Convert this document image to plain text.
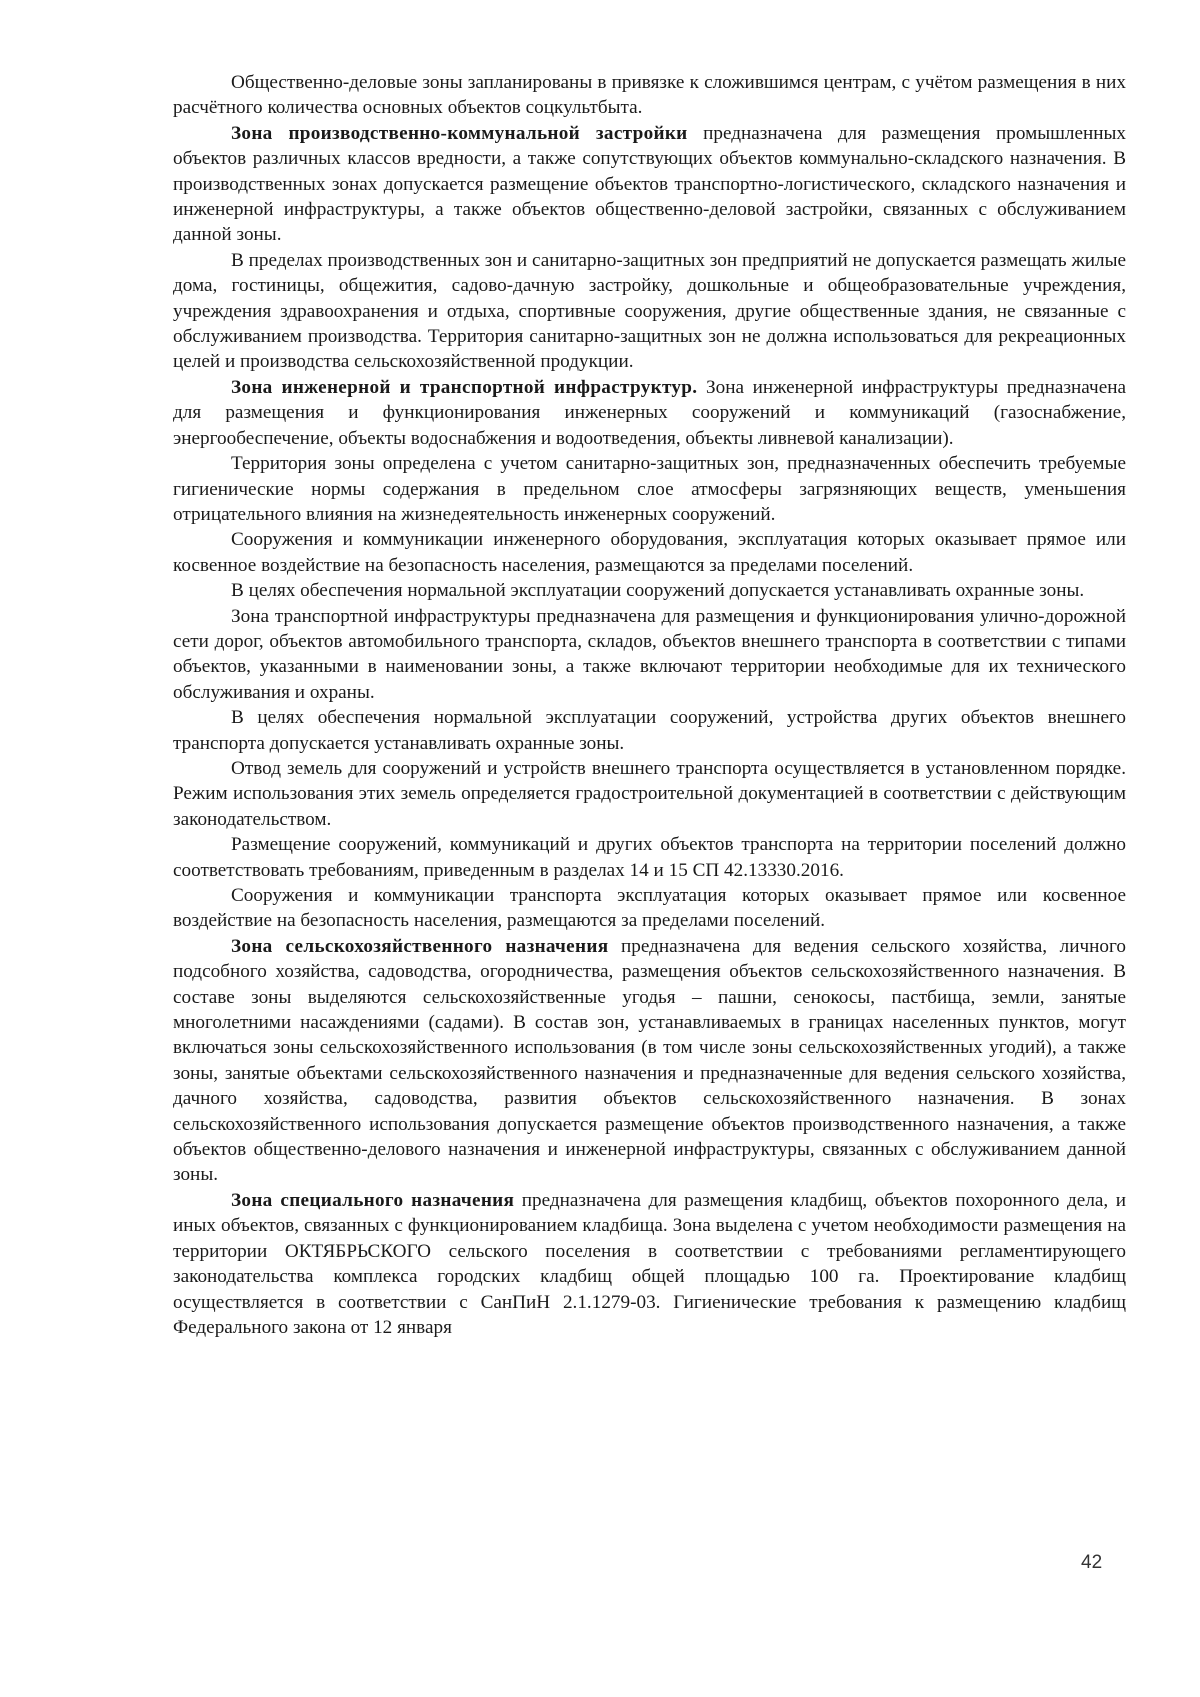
Общественно-деловые зоны запланированы в привязке к сложившимся центрам, с учётом размещения в них расчётного количества основных объектов соцкультбыта.

Зона производственно-коммунальной застройки предназначена для размещения промышленных объектов различных классов вредности, а также сопутствующих объектов коммунально-складского назначения. В производственных зонах допускается размещение объектов транспортно-логистического, складского назначения и инженерной инфраструктуры, а также объектов общественно-деловой застройки, связанных с обслуживанием данной зоны.

В пределах производственных зон и санитарно-защитных зон предприятий не допускается размещать жилые дома, гостиницы, общежития, садово-дачную застройку, дошкольные и общеобразовательные учреждения, учреждения здравоохранения и отдыха, спортивные сооружения, другие общественные здания, не связанные с обслуживанием производства. Территория санитарно-защитных зон не должна использоваться для рекреационных целей и производства сельскохозяйственной продукции.

Зона инженерной и транспортной инфраструктур. Зона инженерной инфраструктуры предназначена для размещения и функционирования инженерных сооружений и коммуникаций (газоснабжение, энергообеспечение, объекты водоснабжения и водоотведения, объекты ливневой канализации).

Территория зоны определена с учетом санитарно-защитных зон, предназначенных обеспечить требуемые гигиенические нормы содержания в предельном слое атмосферы загрязняющих веществ, уменьшения отрицательного влияния на жизнедеятельность инженерных сооружений.

Сооружения и коммуникации инженерного оборудования, эксплуатация которых оказывает прямое или косвенное воздействие на безопасность населения, размещаются за пределами поселений.

В целях обеспечения нормальной эксплуатации сооружений допускается устанавливать охранные зоны.

Зона транспортной инфраструктуры предназначена для размещения и функционирования улично-дорожной сети дорог, объектов автомобильного транспорта, складов, объектов внешнего транспорта в соответствии с типами объектов, указанными в наименовании зоны, а также включают территории необходимые для их технического обслуживания и охраны.

В целях обеспечения нормальной эксплуатации сооружений, устройства других объектов внешнего транспорта допускается устанавливать охранные зоны.

Отвод земель для сооружений и устройств внешнего транспорта осуществляется в установленном порядке. Режим использования этих земель определяется градостроительной документацией в соответствии с действующим законодательством.

Размещение сооружений, коммуникаций и других объектов транспорта на территории поселений должно соответствовать требованиям, приведенным в разделах 14 и 15 СП 42.13330.2016.

Сооружения и коммуникации транспорта эксплуатация которых оказывает прямое или косвенное воздействие на безопасность населения, размещаются за пределами поселений.

Зона сельскохозяйственного назначения предназначена для ведения сельского хозяйства, личного подсобного хозяйства, садоводства, огородничества, размещения объектов сельскохозяйственного назначения. В составе зоны выделяются сельскохозяйственные угодья – пашни, сенокосы, пастбища, земли, занятые многолетними насаждениями (садами). В состав зон, устанавливаемых в границах населенных пунктов, могут включаться зоны сельскохозяйственного использования (в том числе зоны сельскохозяйственных угодий), а также зоны, занятые объектами сельскохозяйственного назначения и предназначенные для ведения сельского хозяйства, дачного хозяйства, садоводства, развития объектов сельскохозяйственного назначения. В зонах сельскохозяйственного использования допускается размещение объектов производственного назначения, а также объектов общественно-делового назначения и инженерной инфраструктуры, связанных с обслуживанием данной зоны.

Зона специального назначения предназначена для размещения кладбищ, объектов похоронного дела, и иных объектов, связанных с функционированием кладбища. Зона выделена с учетом необходимости размещения на территории ОКТЯБРЬСКОГО сельского поселения в соответствии с требованиями регламентирующего законодательства комплекса городских кладбищ общей площадью 100 га. Проектирование кладбищ осуществляется в соответствии с СанПиН 2.1.1279-03. Гигиенические требования к размещению кладбищ Федерального закона от 12 января

42
